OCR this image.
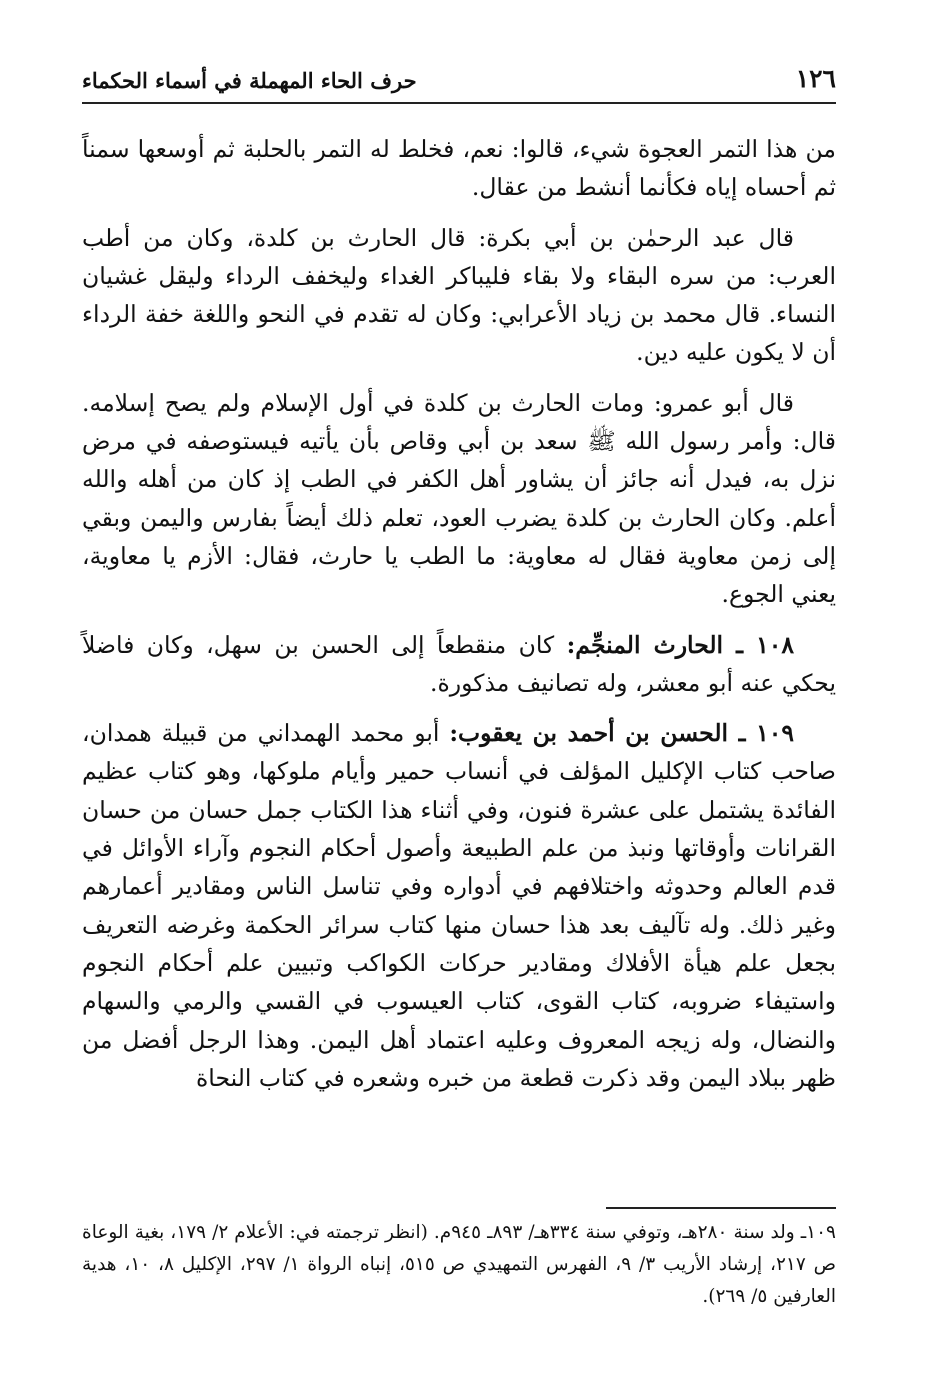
١٢٦
حرف الحاء المهملة في أسماء الحكماء

من هذا التمر العجوة شيء، قالوا: نعم، فخلط له التمر بالحلبة ثم أوسعها سمناً ثم أحساه إياه فكأنما أنشط من عقال.

قال عبد الرحمٰن بن أبي بكرة: قال الحارث بن كلدة، وكان من أطب العرب: من سره البقاء ولا بقاء فليباكر الغداء وليخفف الرداء وليقل غشيان النساء. قال محمد بن زياد الأعرابي: وكان له تقدم في النحو واللغة خفة الرداء أن لا يكون عليه دين.

قال أبو عمرو: ومات الحارث بن كلدة في أول الإسلام ولم يصح إسلامه. قال: وأمر رسول الله ﷺ سعد بن أبي وقاص بأن يأتيه فيستوصفه في مرض نزل به، فيدل أنه جائز أن يشاور أهل الكفر في الطب إذ كان من أهله والله أعلم. وكان الحارث بن كلدة يضرب العود، تعلم ذلك أيضاً بفارس واليمن وبقي إلى زمن معاوية فقال له معاوية: ما الطب يا حارث، فقال: الأزم يا معاوية، يعني الجوع.

١٠٨ ـ الحارث المنجِّم: كان منقطعاً إلى الحسن بن سهل، وكان فاضلاً يحكي عنه أبو معشر، وله تصانيف مذكورة.

١٠٩ ـ الحسن بن أحمد بن يعقوب: أبو محمد الهمداني من قبيلة همدان، صاحب كتاب الإكليل المؤلف في أنساب حمير وأيام ملوكها، وهو كتاب عظيم الفائدة يشتمل على عشرة فنون، وفي أثناء هذا الكتاب جمل حسان من حسان القرانات وأوقاتها ونبذ من علم الطبيعة وأصول أحكام النجوم وآراء الأوائل في قدم العالم وحدوثه واختلافهم في أدواره وفي تناسل الناس ومقادير أعمارهم وغير ذلك. وله تآليف بعد هذا حسان منها كتاب سرائر الحكمة وغرضه التعريف بجعل علم هيأة الأفلاك ومقادير حركات الكواكب وتبيين علم أحكام النجوم واستيفاء ضروبه، كتاب القوى، كتاب العيسوب في القسي والرمي والسهام والنضال، وله زيجه المعروف وعليه اعتماد أهل اليمن. وهذا الرجل أفضل من ظهر ببلاد اليمن وقد ذكرت قطعة من خبره وشعره في كتاب النحاة

١٠٩ـ ولد سنة ٢٨٠هـ، وتوفي سنة ٣٣٤هـ/ ٨٩٣ـ ٩٤٥م. (انظر ترجمته في: الأعلام ٢/ ١٧٩، بغية الوعاة ص ٢١٧، إرشاد الأريب ٣/ ٩، الفهرس التمهيدي ص ٥١٥، إنباه الرواة ١/ ٢٩٧، الإكليل ٨، ١٠، هدية العارفين ٥/ ٢٦٩).
